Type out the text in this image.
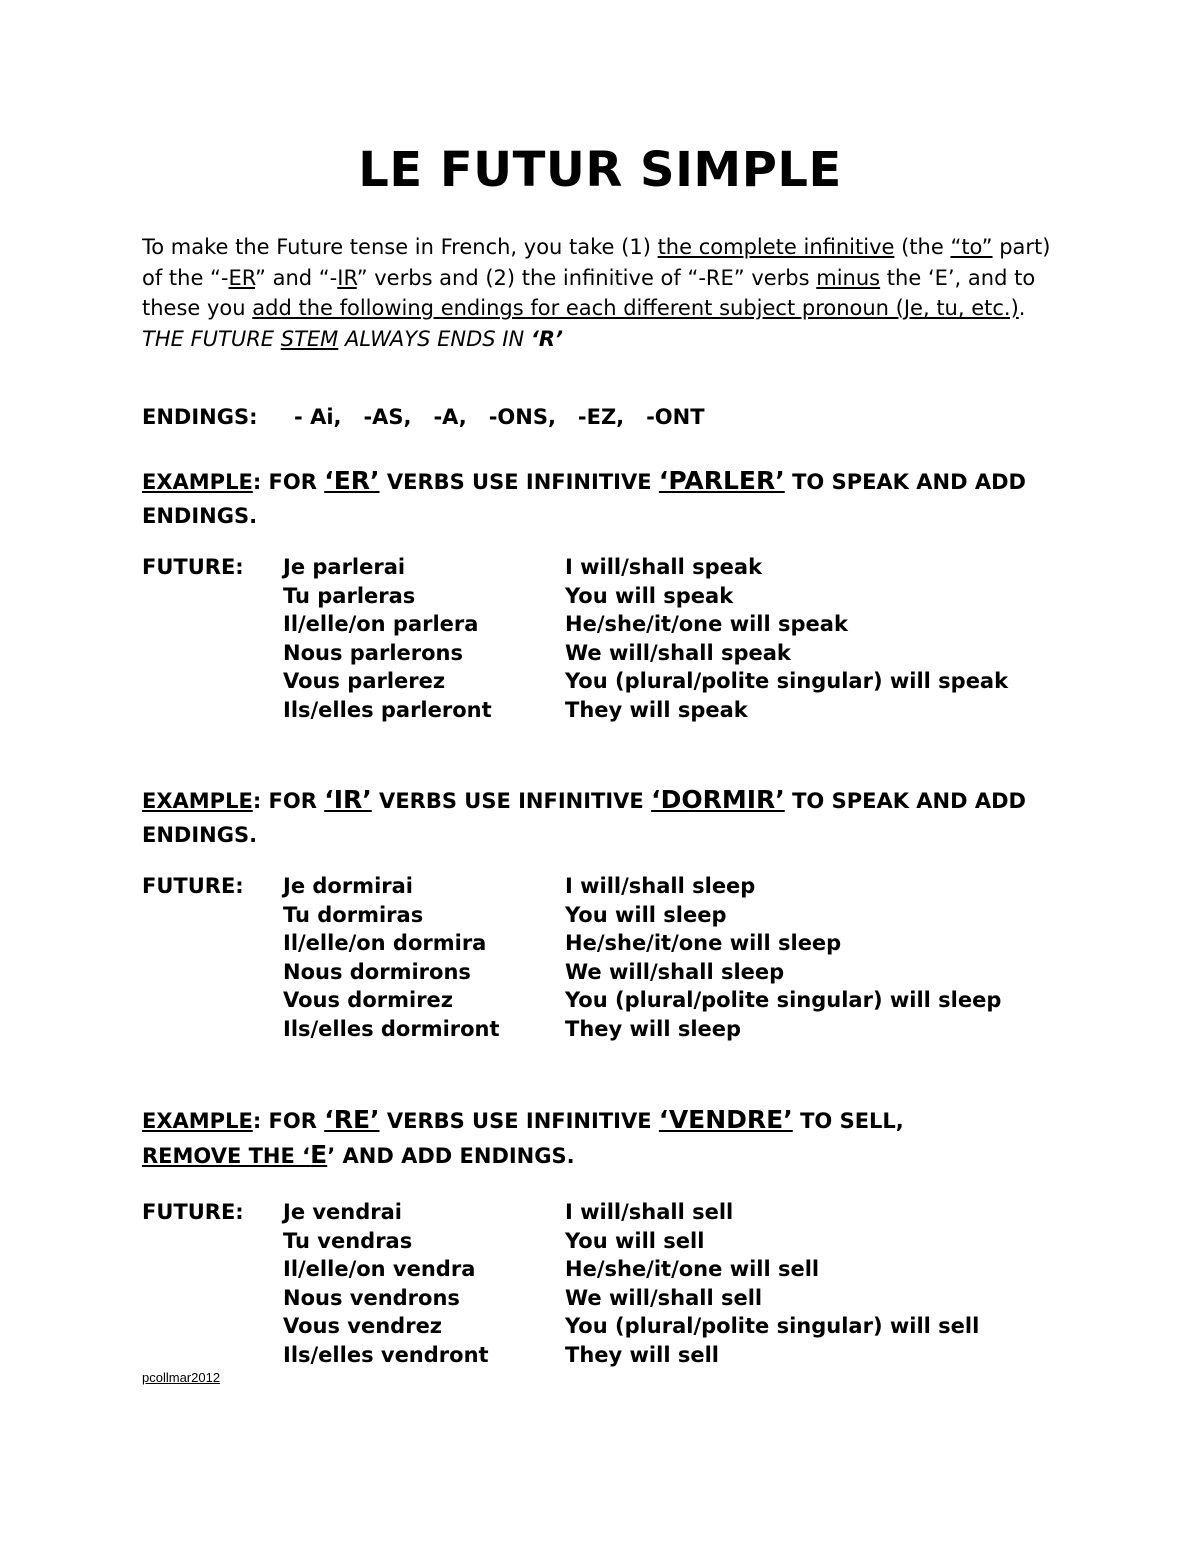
LE FUTUR SIMPLE
To make the Future tense in French, you take (1) the complete infinitive (the “to” part) of the “-ER” and “-IR” verbs and (2) the infinitive of “-RE” verbs minus the ‘E’, and to these you add the following endings for each different subject pronoun (Je, tu, etc.). THE FUTURE STEM ALWAYS ENDS IN ‘R’
ENDINGS:     - Ai,   -AS,   -A,   -ONS,   -EZ,   -ONT
EXAMPLE: FOR ‘ER’ VERBS USE INFINITIVE ‘PARLER’ TO SPEAK AND ADD ENDINGS.
FUTURE: Je parlerai	I will/shall speak
Tu parleras	You will speak
Il/elle/on parlera	He/she/it/one will speak
Nous parlerons	We will/shall speak
Vous parlerez	You (plural/polite singular) will speak
Ils/elles parleront	They will speak
EXAMPLE: FOR ‘IR’ VERBS USE INFINITIVE ‘DORMIR’ TO SPEAK AND ADD ENDINGS.
FUTURE: Je dormirai	I will/shall sleep
Tu dormiras	You will sleep
Il/elle/on dormira	He/she/it/one will sleep
Nous dormirons	We will/shall sleep
Vous dormirez	You (plural/polite singular) will sleep
Ils/elles dormiront	They will sleep
EXAMPLE: FOR ‘RE’ VERBS USE INFINITIVE ‘VENDRE’ TO SELL,
REMOVE THE ‘E’ AND ADD ENDINGS.
FUTURE: Je vendrai	I will/shall sell
Tu vendras	You will sell
Il/elle/on vendra	He/she/it/one will sell
Nous vendrons	We will/shall sell
Vous vendrez	You (plural/polite singular) will sell
Ils/elles vendront	They will sell
pcollmar2012
